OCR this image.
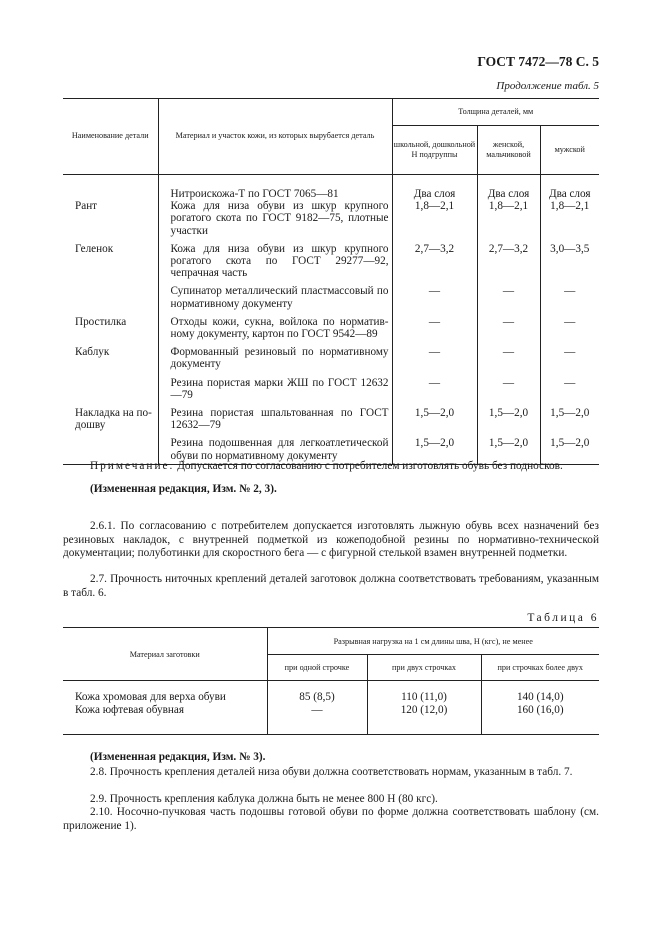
ГОСТ 7472—78 С. 5
Продолжение табл. 5
Наименование детали	Материал и участок кожи, из которых вырубается деталь	Толщина деталей, мм		
		школьной, дошкольной Н подгруппы	женской, мальчиковой	мужской
	Нитроискожа-Т по ГОСТ 7065—81	Два слоя	Два слоя	Два слоя
Рант	Кожа для низа обуви из шкур крупного рогатого скота по ГОСТ 9182—75, плотные участки	1,8—2,1	1,8—2,1	1,8—2,1
Геленок	Кожа для низа обуви из шкур крупного рогатого скота по ГОСТ 29277—92, чепрачная часть	2,7—3,2	2,7—3,2	3,0—3,5
	Супинатор металлический пластмассовый по нормативному документу	—	—	—
Простилка	Отходы кожи, сукна, войлока по норматив-ному документу, картон по ГОСТ 9542—89	—	—	—
Каблук	Формованный резиновый по нормативному документу	—	—	—
	Резина пористая марки ЖШ по ГОСТ 12632—79	—	—	—
Накладка на по-дошву	Резина пористая шпальтованная по ГОСТ 12632—79	1,5—2,0	1,5—2,0	1,5—2,0
	Резина подошвенная для легкоатлетической обуви по нормативному документу	1,5—2,0	1,5—2,0	1,5—2,0

Примечание. Допускается по согласованию с потребителем изготовлять обувь без подносков.

(Измененная редакция, Изм. № 2, 3).

2.6.1. По согласованию с потребителем допускается изготовлять лыжную обувь всех назначений без резиновых накладок, с внутренней подметкой из кожеподобной резины по нормативно-технической документации; полуботинки для скоростного бега — с фигурной стелькой взамен внутренней подметки.

2.7. Прочность ниточных креплений деталей заготовок должна соответствовать требованиям, указанным в табл. 6.

Таблица 6
Материал заготовки	Разрывная нагрузка на 1 см длины шва, Н (кгс), не менее		
	при одной строчке	при двух строчках	при строчках более двух
Кожа хромовая для верха обуви	85 (8,5)	110 (11,0)	140 (14,0)
Кожа юфтевая обувная	—	120 (12,0)	160 (16,0)

(Измененная редакция, Изм. № 3).

2.8. Прочность крепления деталей низа обуви должна соответствовать нормам, указанным в табл. 7.

2.9. Прочность крепления каблука должна быть не менее 800 Н (80 кгс).

2.10. Носочно-пучковая часть подошвы готовой обуви по форме должна соответствовать шаблону (см. приложение 1).
